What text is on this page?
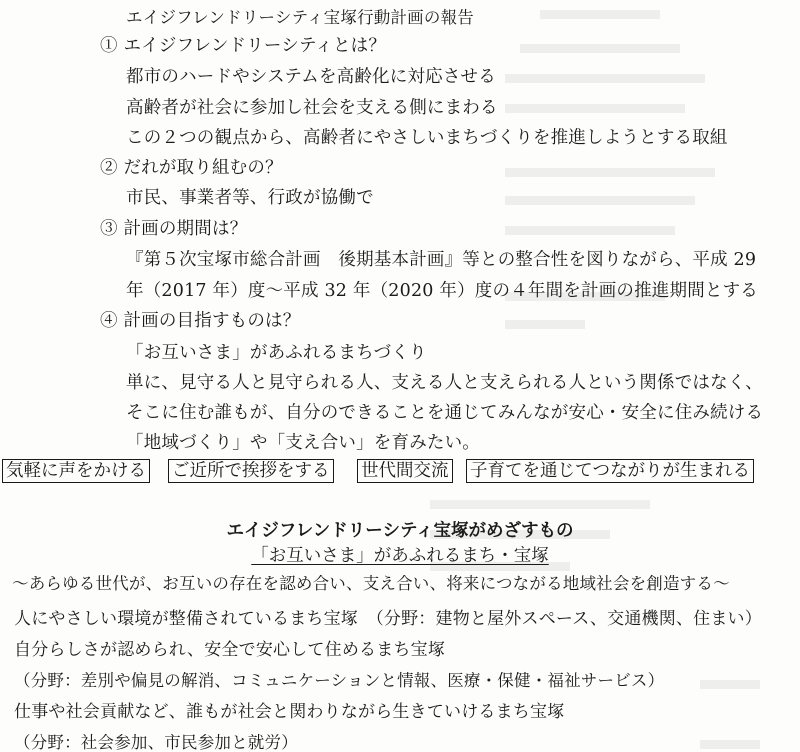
エイジフレンドリーシティ宝塚行動計画の報告
① エイジフレンドリーシティとは？
都市のハードやシステムを高齢化に対応させる
高齢者が社会に参加し社会を支える側にまわる
この２つの観点から、高齢者にやさしいまちづくりを推進しようとする取組
② だれが取り組むの？
市民、事業者等、行政が協働で
③ 計画の期間は？
『第５次宝塚市総合計画　後期基本計画』等との整合性を図りながら、平成 29
年（2017 年）度～平成 32 年（2020 年）度の４年間を計画の推進期間とする
④ 計画の目指すものは？
「お互いさま」があふれるまちづくり
単に、見守る人と見守られる人、支える人と支えられる人という関係ではなく、
そこに住む誰もが、自分のできることを通じてみんなが安心・安全に住み続ける
「地域づくり」や「支え合い」を育みたい。
気軽に声をかける ご近所で挨拶をする 世代間交流 子育てを通じてつながりが生まれる
エイジフレンドリーシティ宝塚がめざすもの
「お互いさま」があふれるまち・宝塚
～あらゆる世代が、お互いの存在を認め合い、支え合い、将来につながる地域社会を創造する～
人にやさしい環境が整備されているまち宝塚　（分野：建物と屋外スペース、交通機関、住まい）
自分らしさが認められ、安全で安心して住めるまち宝塚
（分野：差別や偏見の解消、コミュニケーションと情報、医療・保健・福祉サービス）
仕事や社会貢献など、誰もが社会と関わりながら生きていけるまち宝塚
（分野：社会参加、市民参加と就労）
